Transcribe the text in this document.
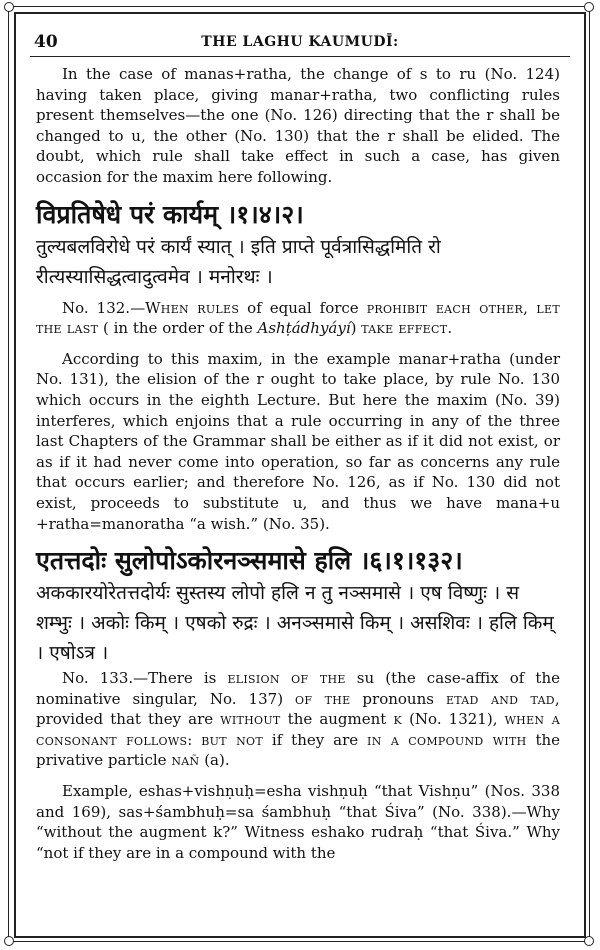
40	THE LAGHU KAUMUDĪ:

In the case of manas+ratha, the change of s to ru (No. 124) having taken place, giving manar+ratha, two conflicting rules present themselves—the one (No. 126) directing that the r shall be changed to u, the other (No. 130) that the r shall be elided. The doubt, which rule shall take effect in such a case, has given occasion for the maxim here following.

विप्रतिषेधे परं कार्यम् ।१।४।२।

तुल्यबलविरोधे परं कार्यं स्यात् । इति प्राप्ते पूर्वत्रासिद्धमिति रो रीत्यस्यासिद्धत्वादुत्वमेव । मनोरथः ।

No. 132.—When rules of equal force prohibit each other, let the last ( in the order of the Ashṭádhyáyí) take effect.

According to this maxim, in the example manar+ratha (under No. 131), the elision of the r ought to take place, by rule No. 130 which occurs in the eighth Lecture. But here the maxim (No. 39) interferes, which enjoins that a rule occurring in any of the three last Chapters of the Grammar shall be either as if it did not exist, or as if it had never come into operation, so far as concerns any rule that occurs earlier; and therefore No. 126, as if No. 130 did not exist, proceeds to substitute u, and thus we have mana+u +ratha=manoratha “a wish.” (No. 35).

एतत्तदोः सुलोपोऽकोरनञ्समासे हलि ।६।१।१३२।

अककारयोरेतत्तदोर्यः सुस्तस्य लोपो हलि न तु नञ्समासे । एष विष्णुः । स शम्भुः । अकोः किम् । एषको रुद्रः । अनञ्समासे किम् । असशिवः । हलि किम् । एषोऽत्र ।

No. 133.—There is elision of the su (the case-affix of the nominative singular, No. 137) of the pronouns etad and tad, provided that they are without the augment k (No. 1321), when a consonant follows: but not if they are in a compound with the privative particle nañ (a).

Example, eshas+vishṇuḥ=esha vishṇuḥ “that Vishṇu” (Nos. 338 and 169), sas+śambhuḥ=sa śambhuḥ “that Śiva” (No. 338).—Why “without the augment k?” Witness eshako rudraḥ “that Śiva.” Why “not if they are in a compound with the
